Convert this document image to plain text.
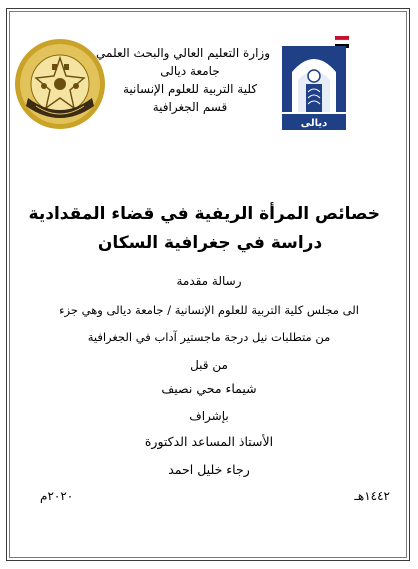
ديالى
وزارة التعليم العالي والبحث العلمي
جامعة ديالى
كلية التربية للعلوم الإنسانية
قسم الجغرافية
خصائص المرأة الريفية في قضاء المقدادية
دراسة في جغرافية السكان
رسالة مقدمة
الى مجلس كلية التربية للعلوم الإنسانية / جامعة ديالى وهي جزء
من متطلبات نيل درجة ماجستير آداب في الجغرافية
من قبل
شيماء محي نصيف
بإشراف
الأستاذ المساعد الدكتورة
رجاء خليل احمد
١٤٤٢هـ
٢٠٢٠م
